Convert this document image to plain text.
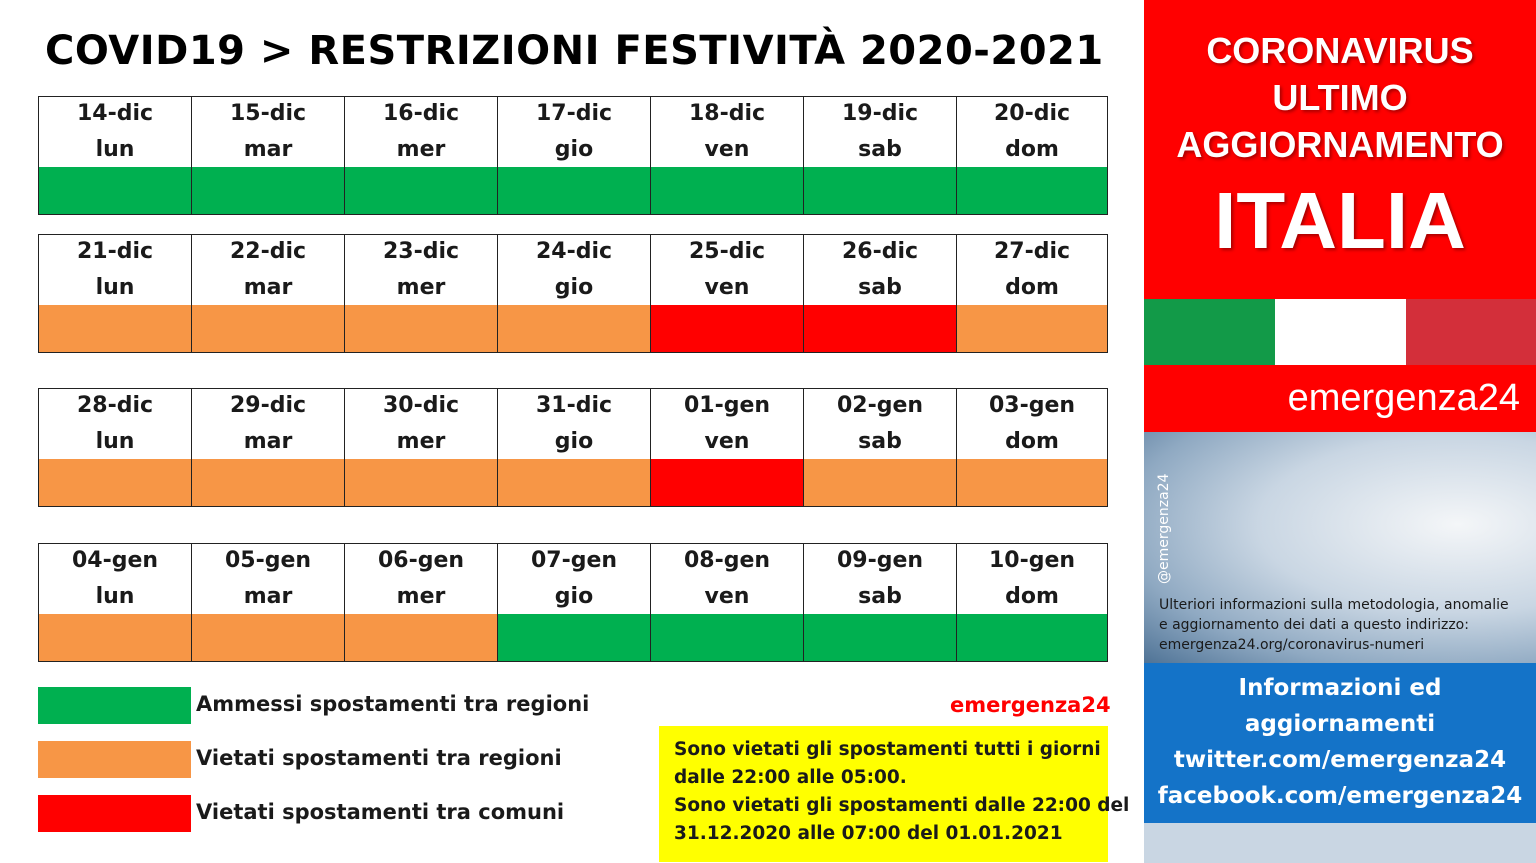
COVID19 > RESTRIZIONI FESTIVITÀ 2020-2021
14-dic
lun
15-dic
mar
16-dic
mer
17-dic
gio
18-dic
ven
19-dic
sab
20-dic
dom
21-dic
lun
22-dic
mar
23-dic
mer
24-dic
gio
25-dic
ven
26-dic
sab
27-dic
dom
28-dic
lun
29-dic
mar
30-dic
mer
31-dic
gio
01-gen
ven
02-gen
sab
03-gen
dom
04-gen
lun
05-gen
mar
06-gen
mer
07-gen
gio
08-gen
ven
09-gen
sab
10-gen
dom
Ammessi spostamenti tra regioni
Vietati spostamenti tra regioni
Vietati spostamenti tra comuni
emergenza24
Sono vietati gli spostamenti tutti i giorni
dalle 22:00 alle 05:00.
Sono vietati gli spostamenti dalle 22:00 del
31.12.2020 alle 07:00 del 01.01.2021
CORONAVIRUS
ULTIMO
AGGIORNAMENTO
ITALIA
emergenza24
@emergenza24
Ulteriori informazioni sulla metodologia, anomalie
e aggiornamento dei dati a questo indirizzo:
emergenza24.org/coronavirus-numeri
Informazioni ed
aggiornamenti
twitter.com/emergenza24
facebook.com/emergenza24
